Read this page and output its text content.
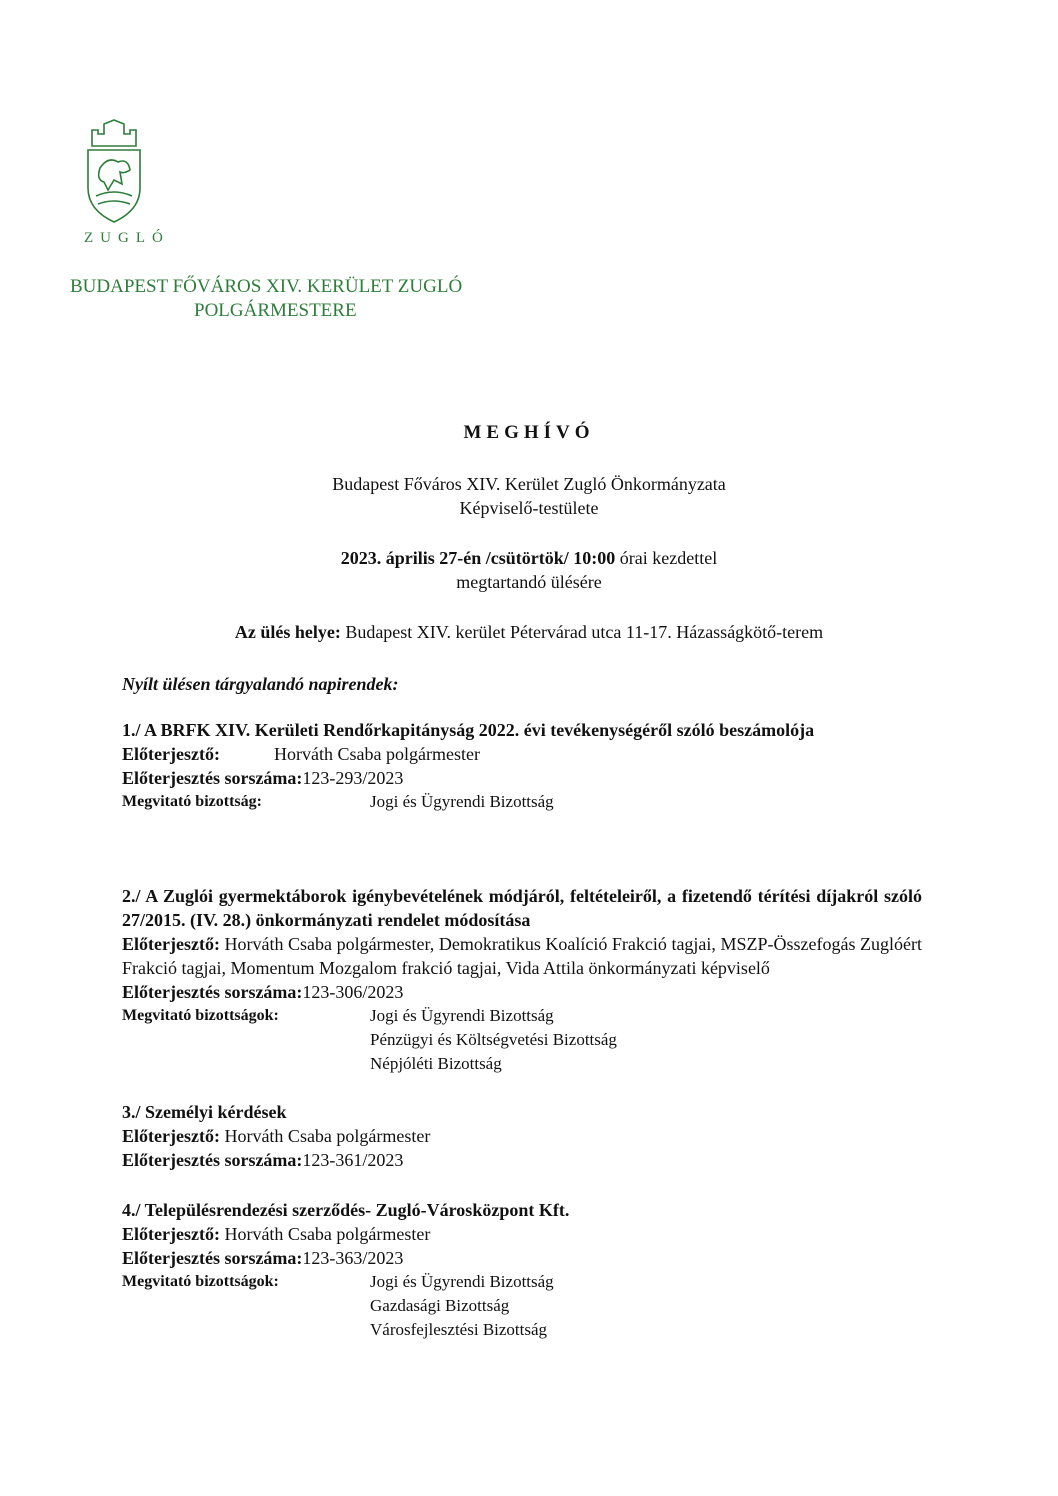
ZUGLÓ
BUDAPEST FŐVÁROS XIV. KERÜLET ZUGLÓ
POLGÁRMESTERE
MEGHÍVÓ
Budapest Főváros XIV. Kerület Zugló Önkormányzata
Képviselő-testülete
2023. április 27-én /csütörtök/ 10:00 órai kezdettel
megtartandó ülésére
Az ülés helye: Budapest XIV. kerület Pétervárad utca 11-17. Házasságkötő-terem
Nyílt ülésen tárgyalandó napirendek:
1./ A BRFK XIV. Kerületi Rendőrkapitányság 2022. évi tevékenységéről szóló beszámolója
Előterjesztő:	Horváth Csaba polgármester
Előterjesztés sorszáma: 123-293/2023
Megvitató bizottság:	Jogi és Ügyrendi Bizottság
2./ A Zuglói gyermektáborok igénybevételének módjáról, feltételeiről, a fizetendő térítési díjakról szóló 27/2015. (IV. 28.) önkormányzati rendelet módosítása
Előterjesztő: Horváth Csaba polgármester, Demokratikus Koalíció Frakció tagjai, MSZP-Összefogás Zuglóért Frakció tagjai, Momentum Mozgalom frakció tagjai, Vida Attila önkormányzati képviselő
Előterjesztés sorszáma: 123-306/2023
Megvitató bizottságok:	Jogi és Ügyrendi Bizottság
Pénzügyi és Költségvetési Bizottság
Népjóléti Bizottság
3./ Személyi kérdések
Előterjesztő: Horváth Csaba polgármester
Előterjesztés sorszáma: 123-361/2023
4./ Településrendezési szerződés- Zugló-Városközpont Kft.
Előterjesztő: Horváth Csaba polgármester
Előterjesztés sorszáma: 123-363/2023
Megvitató bizottságok:	Jogi és Ügyrendi Bizottság
Gazdasági Bizottság
Városfejlesztési Bizottság
